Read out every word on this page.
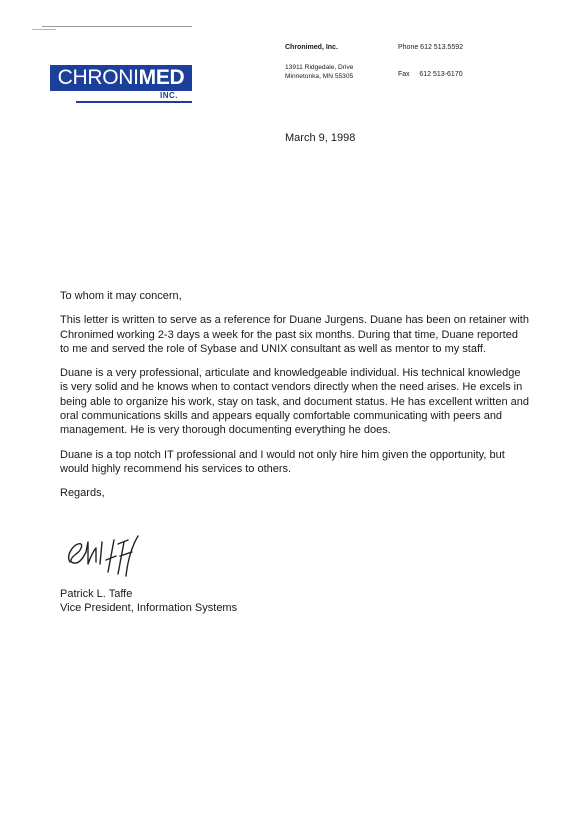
CHRONIMED
INC.
Chronimed, Inc.
13911 Ridgedale, Drive
Minnetonka, MN 55305
Phone 612 513.5592
Fax     612 513-6170
March 9, 1998

To whom it may concern,

This letter is written to serve as a reference for Duane Jurgens. Duane has been on retainer with Chronimed working 2-3 days a week for the past six months. During that time, Duane reported to me and served the role of Sybase and UNIX consultant as well as mentor to my staff.

Duane is a very professional, articulate and knowledgeable individual. His technical knowledge is very solid and he knows when to contact vendors directly when the need arises. He excels in being able to organize his work, stay on task, and document status. He has excellent written and oral communications skills and appears equally comfortable communicating with peers and management. He is very thorough documenting everything he does.

Duane is a top notch IT professional and I would not only hire him given the opportunity, but would highly recommend his services to others.

Regards,

Patrick L. Taffe
Vice President, Information Systems
